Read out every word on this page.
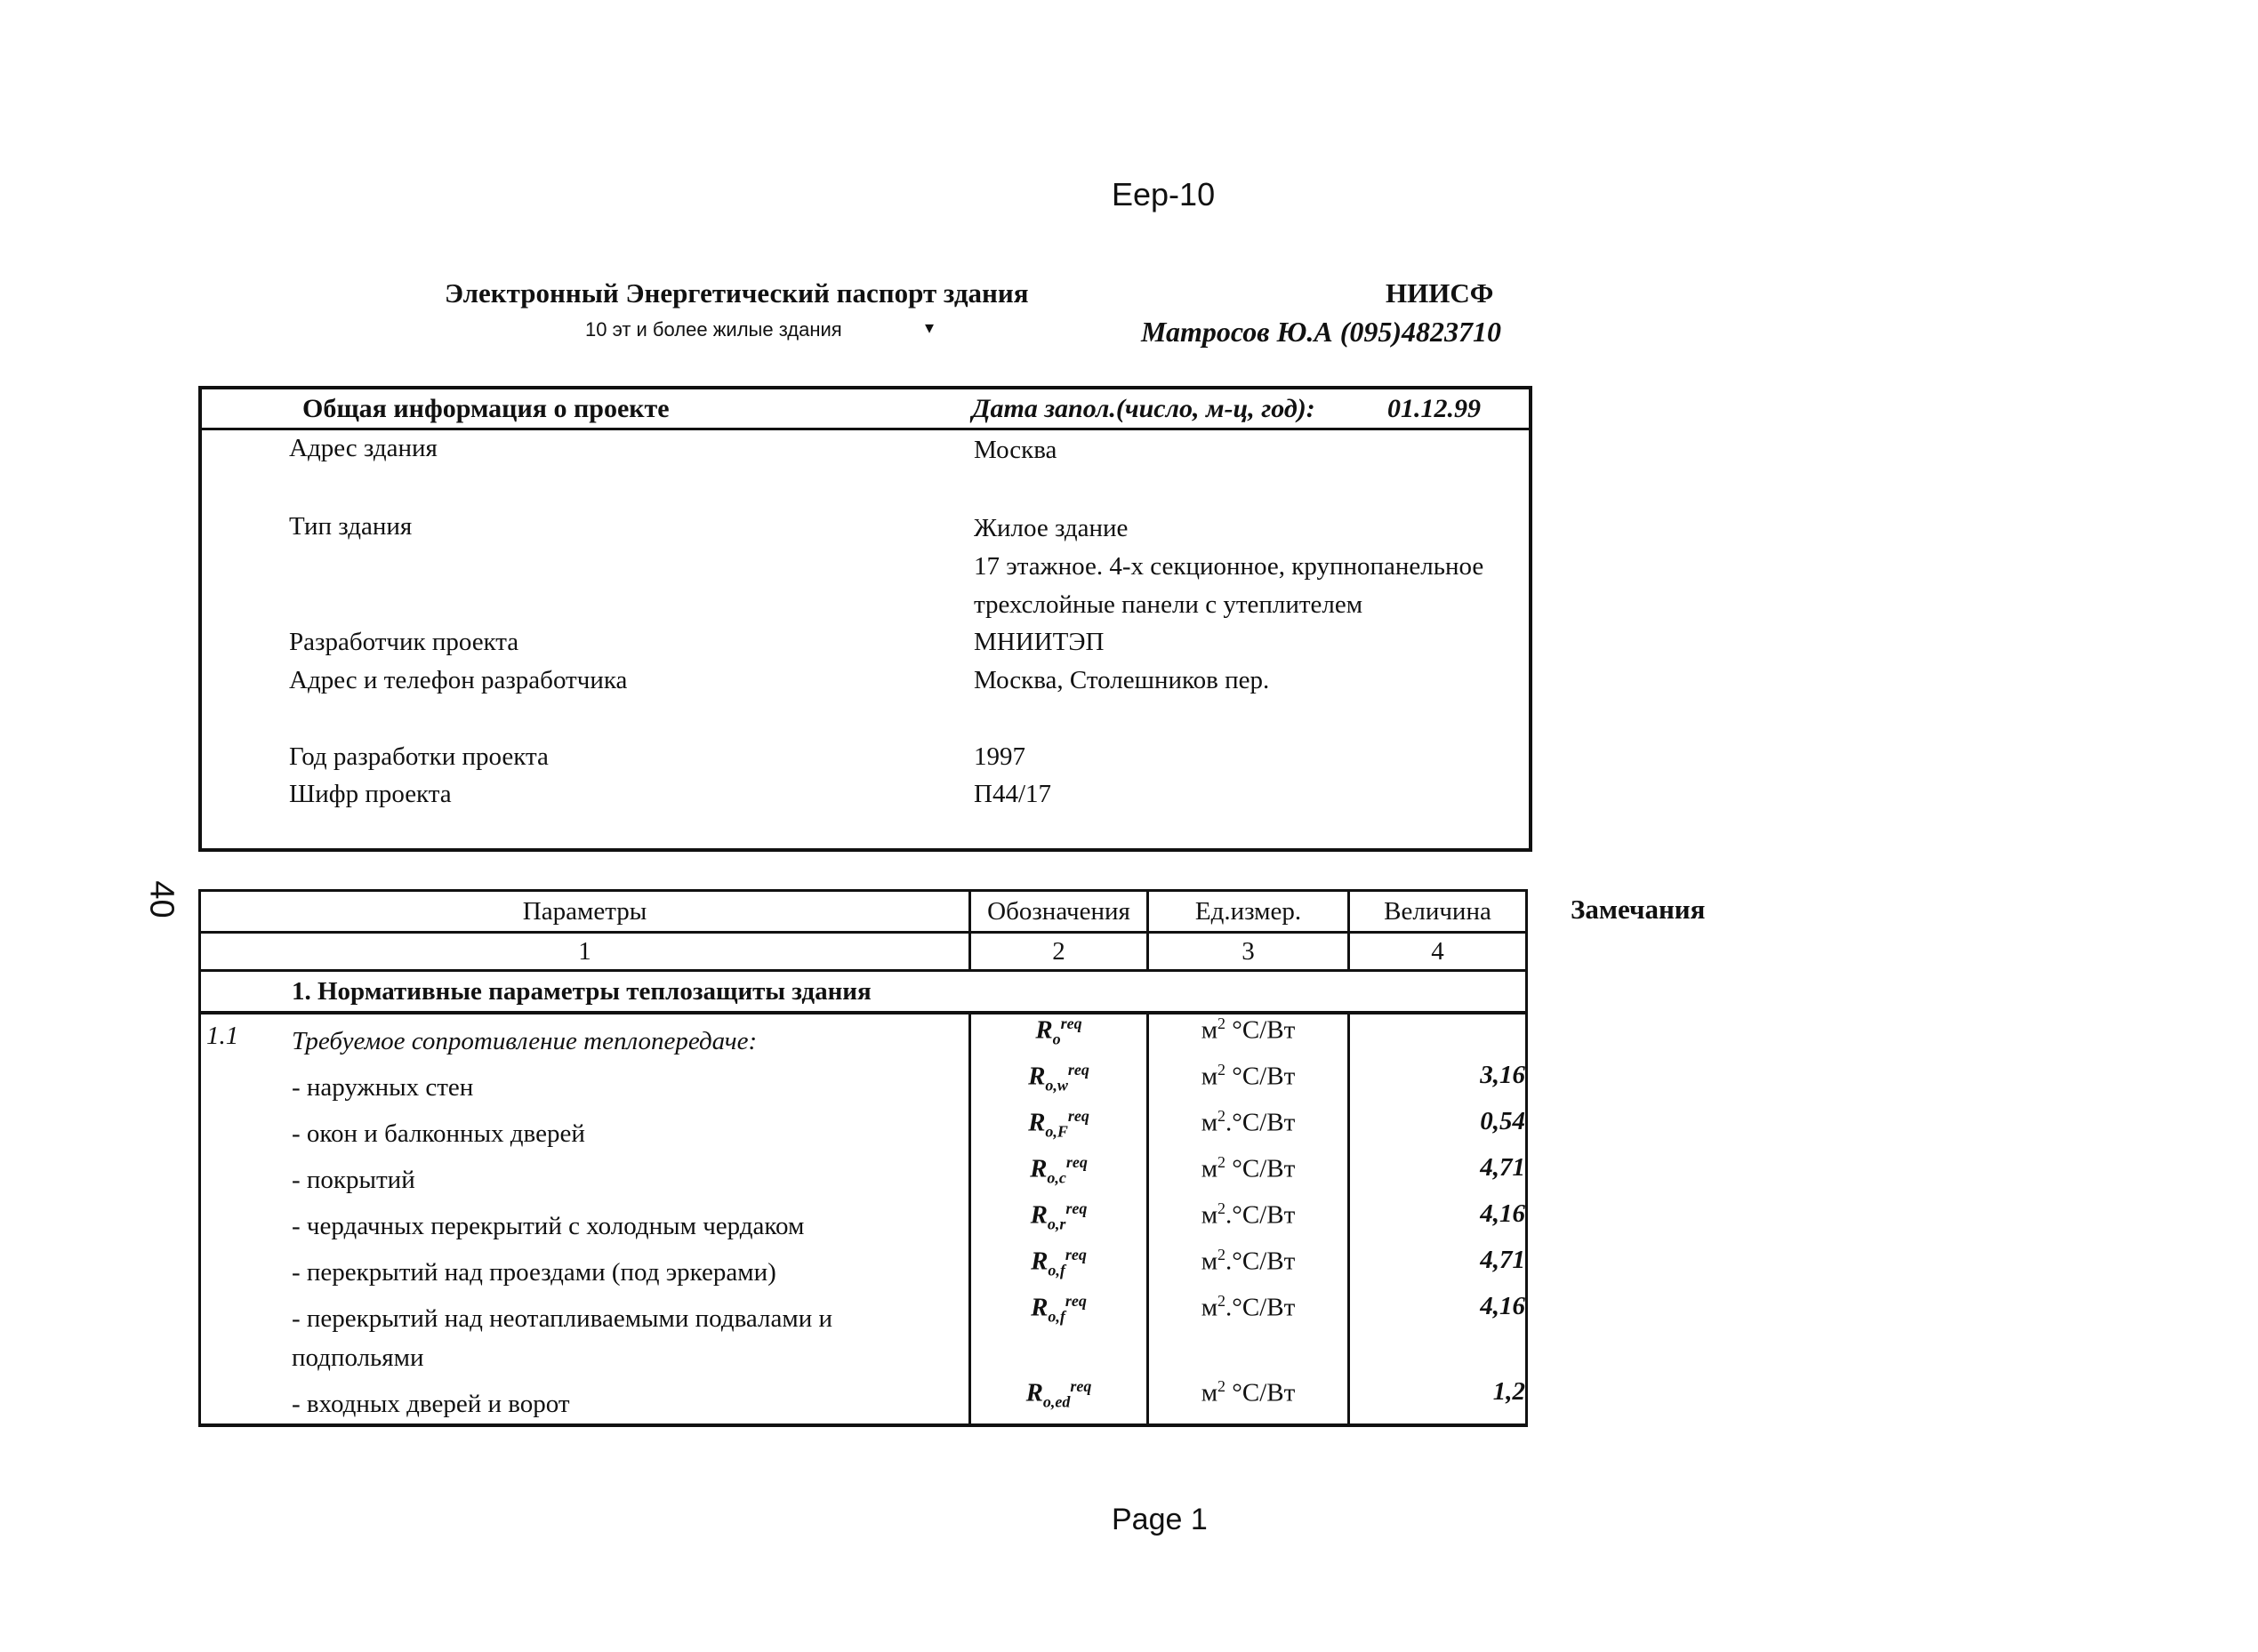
Еер-10
40
Электронный Энергетический паспорт здания
10 эт и более жилые здания	▾
НИИСФ
Матросов Ю.А (095)4823710
Общая информация о проекте	Дата запол.(число, м-ц, год):	01.12.99
Адрес здания	Москва
Тип здания	Жилое здание
17 этажное. 4-х секционное, крупнопанельное
трехслойные панели с утеплителем
Разработчик проекта	МНИИТЭП
Адрес и телефон разработчика	Москва, Столешников пер.
Год разработки проекта	1997
Шифр проекта	П44/17
Параметры	Обозначения	Ед.измер.	Величина
1	2	3	4
1. Нормативные параметры теплозащиты здания			

1.1 Требуемое сопротивление теплопередаче:	$R_o^{req}$	$м^2$ °С/Вт	

- наружных стен	$R_{o,w}^{req}$	$м^2$ °С/Вт	3,16

- окон и балконных дверей	$R_{o,F}^{req}$	$м^2.^\circ С/Вт$	0,54

- покрытий	$R_{o,c}^{req}$	$м^2$ °С/Вт	4,71

- чердачных перекрытий с холодным чердаком	$R_{o,r}^{req}$	$м^2.^\circ С/Вт$	4,16

- перекрытий над проездами (под эркерами)	$R_{o,f}^{req}$	$м^2.^\circ С/Вт$	4,71

- перекрытий над неотапливаемыми подвалами и подпольями	$R_{o,f}^{req}$	$м^2.^\circ С/Вт$	4,16

- входных дверей и ворот	$R_{o,ed}^{req}$	$м^2$ °С/Вт	1,2
Замечания
Page 1
